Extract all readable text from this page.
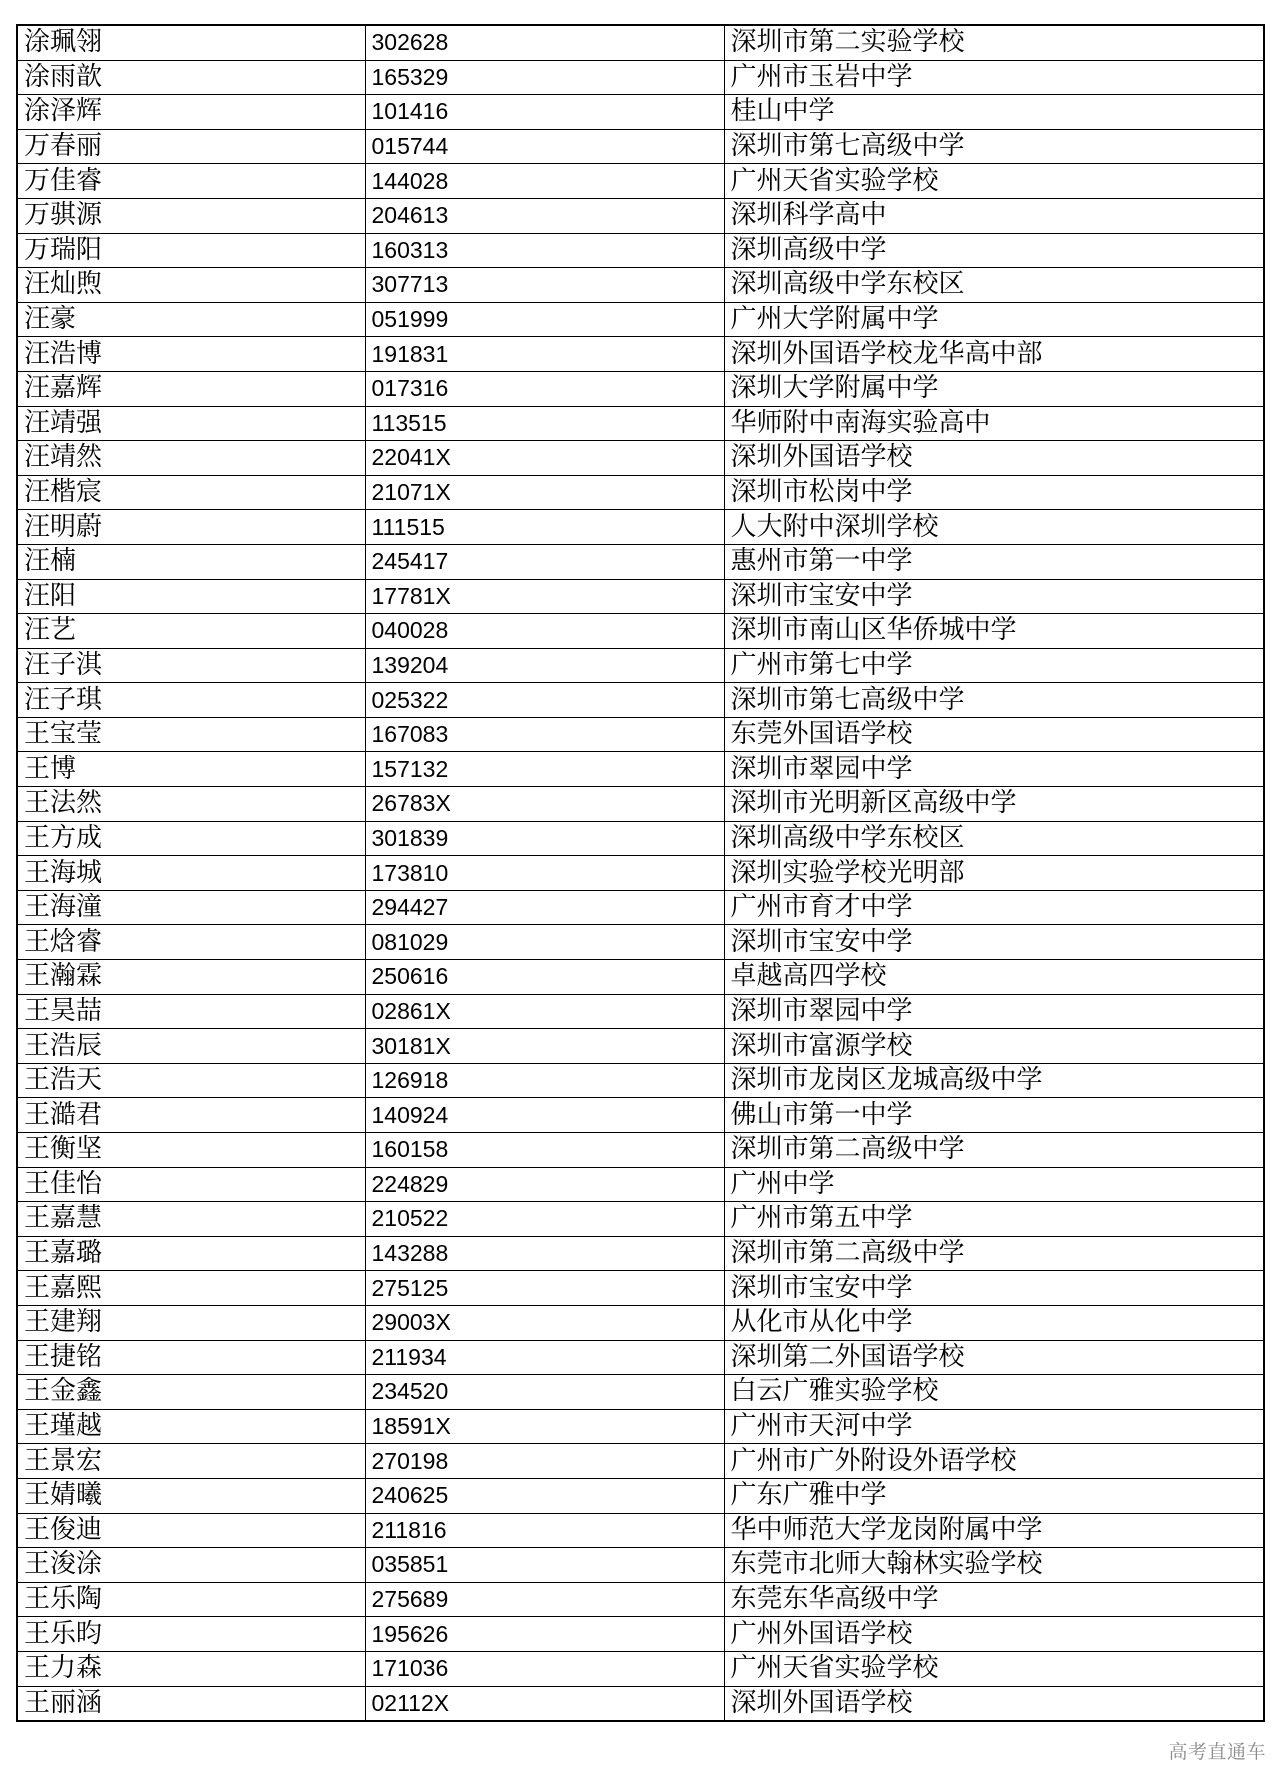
涂珮翎	302628	深圳市第二实验学校
涂雨歆	165329	广州市玉岩中学
涂泽辉	101416	桂山中学
万春丽	015744	深圳市第七高级中学
万佳睿	144028	广州天省实验学校
万骐源	204613	深圳科学高中
万瑞阳	160313	深圳高级中学
汪灿煦	307713	深圳高级中学东校区
汪豪	051999	广州大学附属中学
汪浩博	191831	深圳外国语学校龙华高中部
汪嘉辉	017316	深圳大学附属中学
汪靖强	113515	华师附中南海实验高中
汪靖然	22041X	深圳外国语学校
汪楷宸	21071X	深圳市松岗中学
汪明蔚	111515	人大附中深圳学校
汪楠	245417	惠州市第一中学
汪阳	17781X	深圳市宝安中学
汪艺	040028	深圳市南山区华侨城中学
汪子淇	139204	广州市第七中学
汪子琪	025322	深圳市第七高级中学
王宝莹	167083	东莞外国语学校
王博	157132	深圳市翠园中学
王法然	26783X	深圳市光明新区高级中学
王方成	301839	深圳高级中学东校区
王海城	173810	深圳实验学校光明部
王海潼	294427	广州市育才中学
王焓睿	081029	深圳市宝安中学
王瀚霖	250616	卓越高四学校
王昊喆	02861X	深圳市翠园中学
王浩辰	30181X	深圳市富源学校
王浩天	126918	深圳市龙岗区龙城高级中学
王澔君	140924	佛山市第一中学
王衡坚	160158	深圳市第二高级中学
王佳怡	224829	广州中学
王嘉慧	210522	广州市第五中学
王嘉璐	143288	深圳市第二高级中学
王嘉熙	275125	深圳市宝安中学
王建翔	29003X	从化市从化中学
王捷铭	211934	深圳第二外国语学校
王金鑫	234520	白云广雅实验学校
王瑾越	18591X	广州市天河中学
王景宏	270198	广州市广外附设外语学校
王婧曦	240625	广东广雅中学
王俊迪	211816	华中师范大学龙岗附属中学
王浚涂	035851	东莞市北师大翰林实验学校
王乐陶	275689	东莞东华高级中学
王乐昀	195626	广州外国语学校
王力森	171036	广州天省实验学校
王丽涵	02112X	深圳外国语学校
高考直通车
